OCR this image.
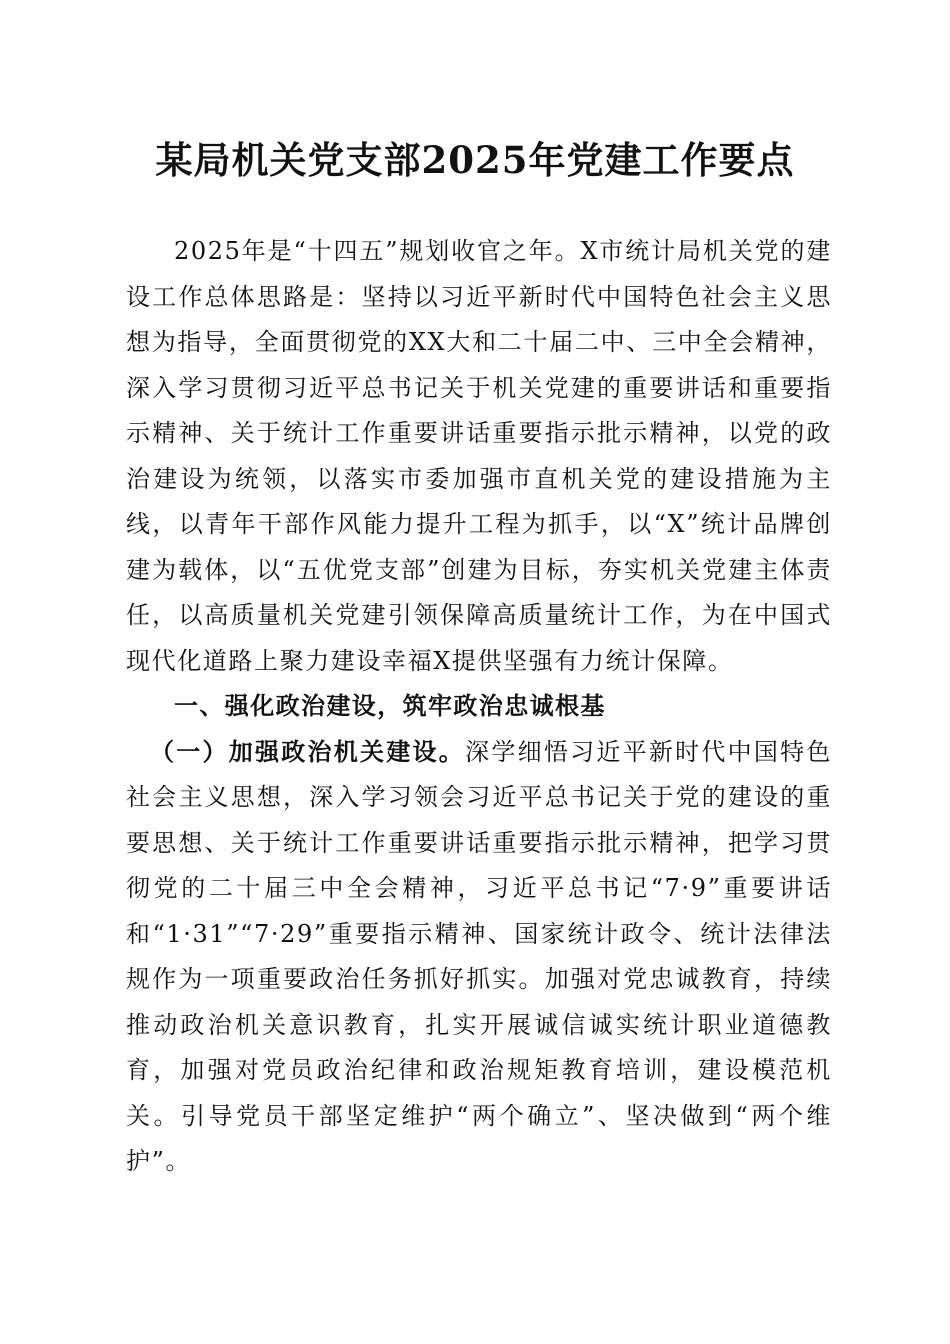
某局机关党支部2025年党建工作要点

2025年是“十四五”规划收官之年。X市统计局机关党的建设工作总体思路是：坚持以习近平新时代中国特色社会主义思想为指导，全面贯彻党的XX大和二十届二中、三中全会精神，深入学习贯彻习近平总书记关于机关党建的重要讲话和重要指示精神、关于统计工作重要讲话重要指示批示精神，以党的政治建设为统领，以落实市委加强市直机关党的建设措施为主线，以青年干部作风能力提升工程为抓手，以“X”统计品牌创建为载体，以“五优党支部”创建为目标，夯实机关党建主体责任，以高质量机关党建引领保障高质量统计工作，为在中国式现代化道路上聚力建设幸福X提供坚强有力统计保障。

一、强化政治建设，筑牢政治忠诚根基

（一）加强政治机关建设。深学细悟习近平新时代中国特色社会主义思想，深入学习领会习近平总书记关于党的建设的重要思想、关于统计工作重要讲话重要指示批示精神，把学习贯彻党的二十届三中全会精神，习近平总书记“7·9”重要讲话和“1·31”“7·29”重要指示精神、国家统计政令、统计法律法规作为一项重要政治任务抓好抓实。加强对党忠诚教育，持续推动政治机关意识教育，扎实开展诚信诚实统计职业道德教育，加强对党员政治纪律和政治规矩教育培训，建设模范机关。引导党员干部坚定维护“两个确立”、坚决做到“两个维护”。
